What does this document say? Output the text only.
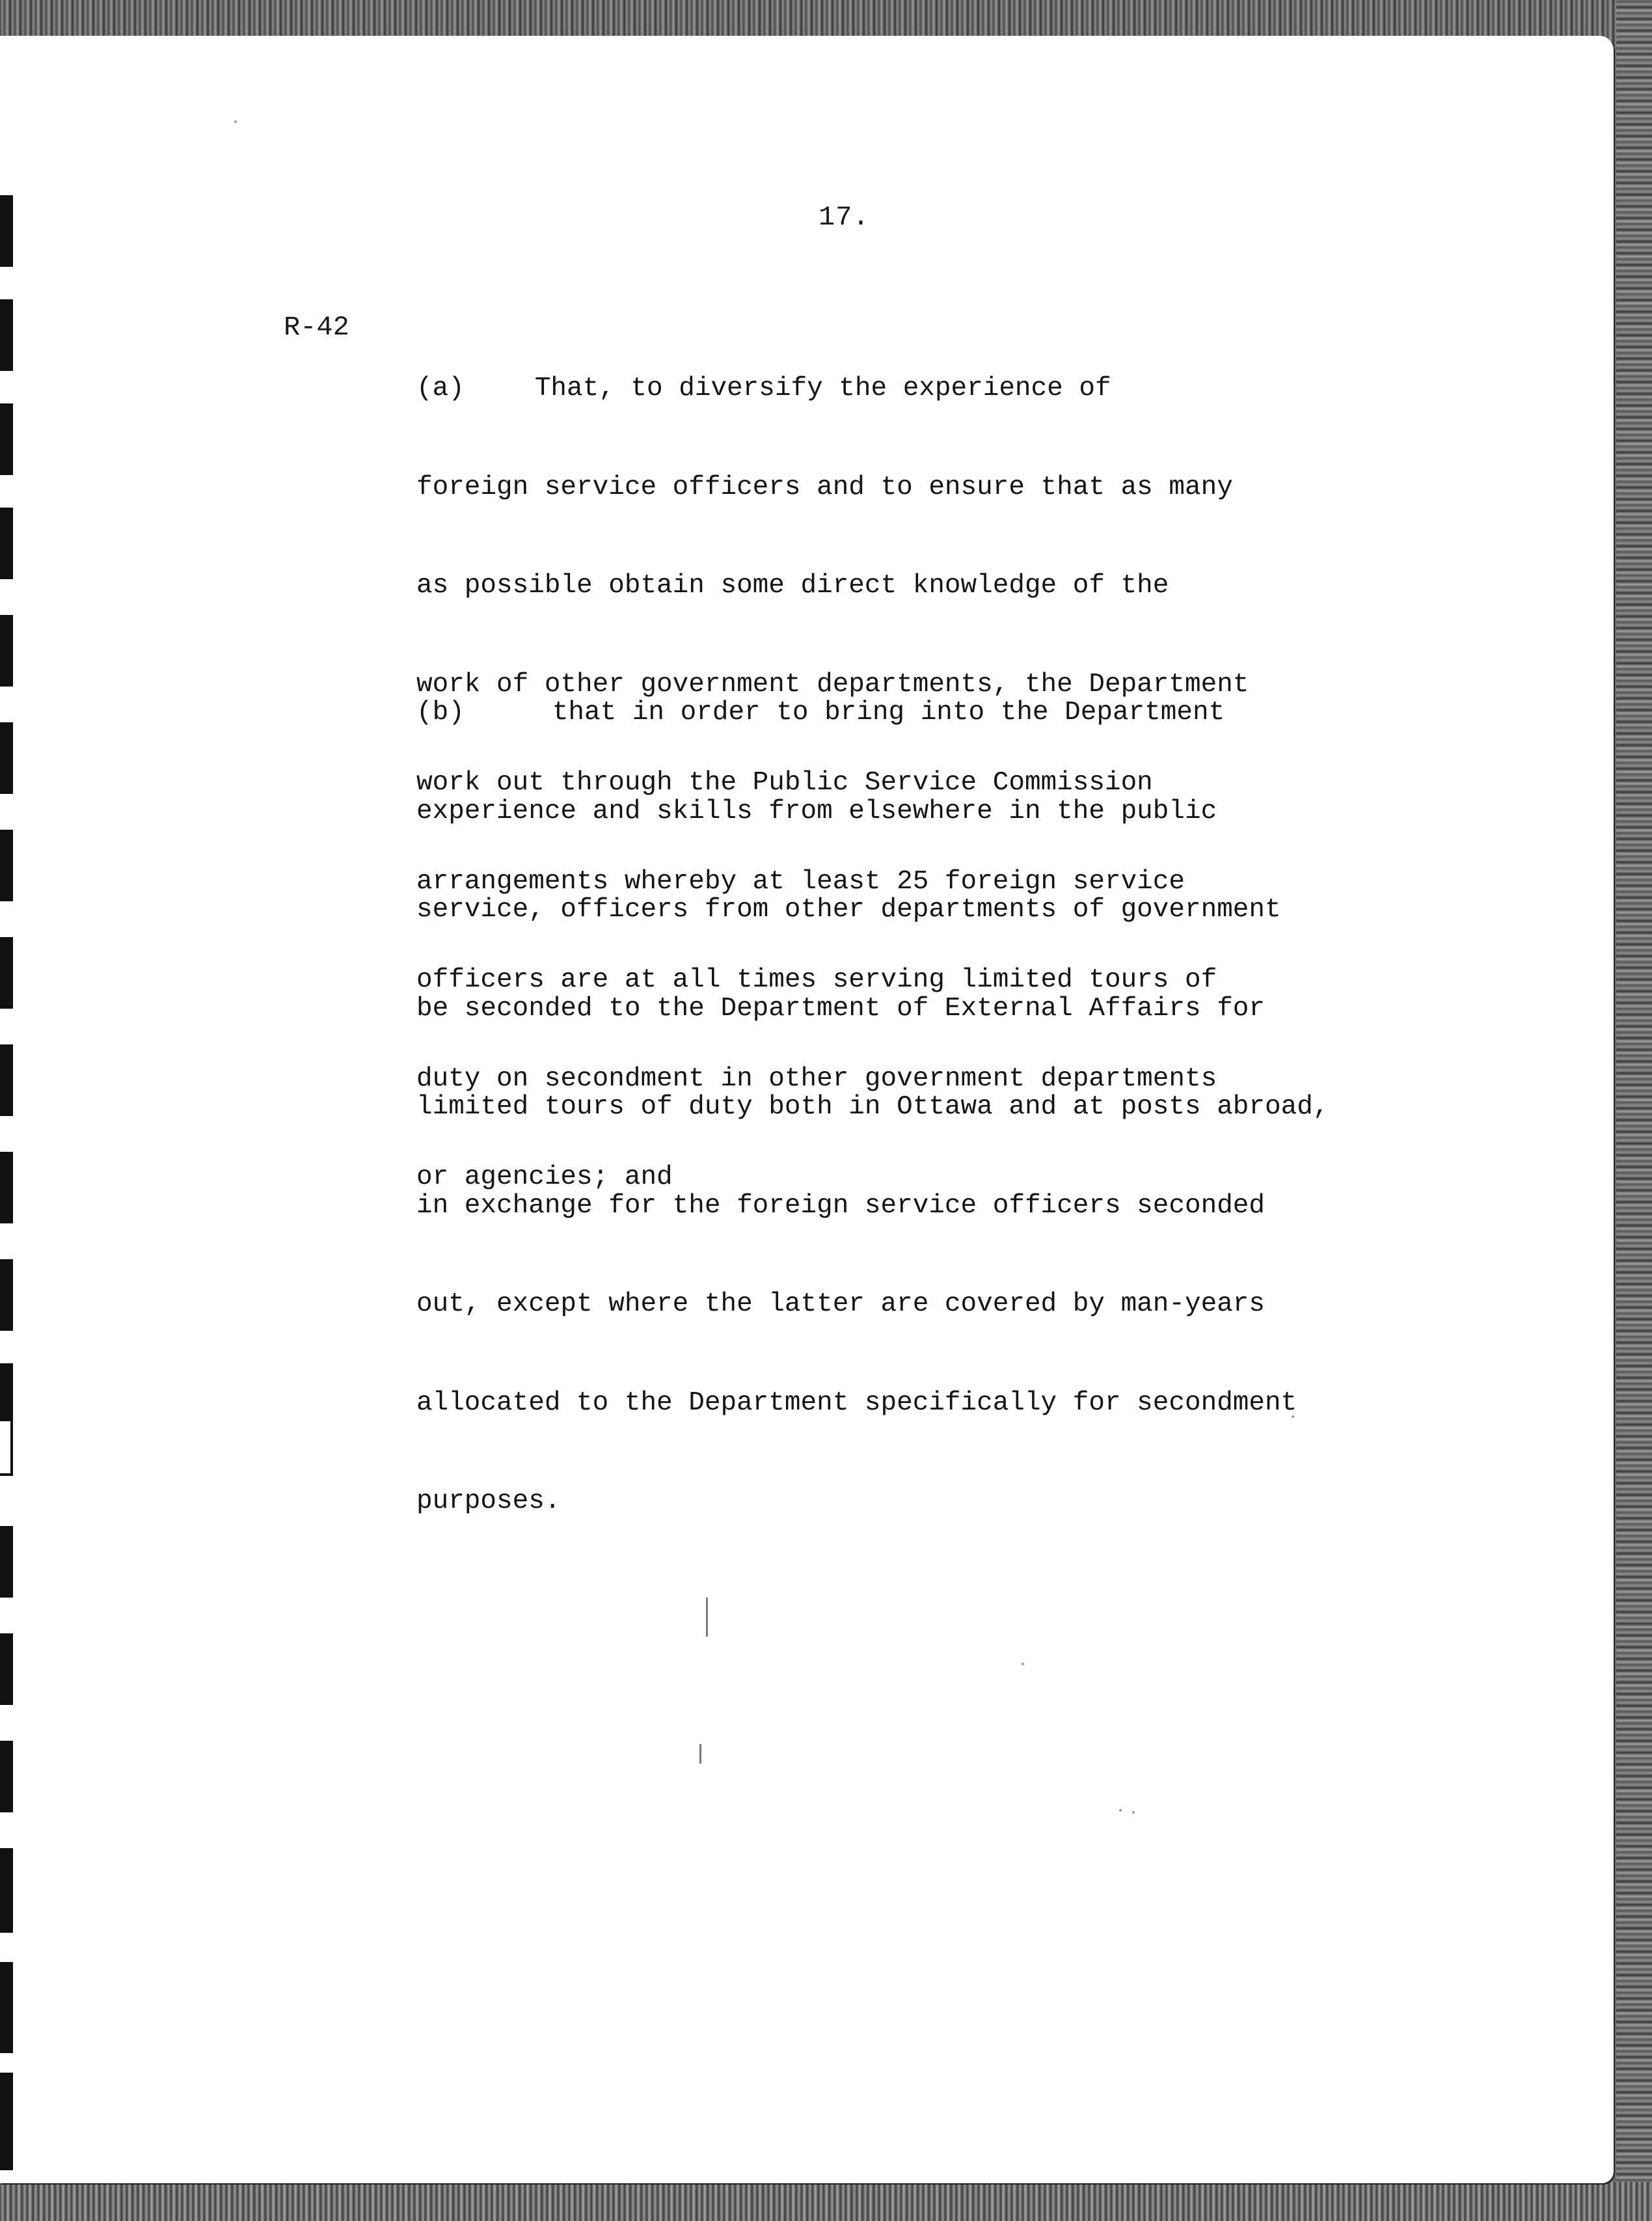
17.
R-42

(a)	That, to diversify the experience of

foreign service officers and to ensure that as many

as possible obtain some direct knowledge of the

work of other government departments, the Department

work out through the Public Service Commission

arrangements whereby at least 25 foreign service

officers are at all times serving limited tours of

duty on secondment in other government departments

or agencies; and

(b)	that in order to bring into the Department

experience and skills from elsewhere in the public

service, officers from other departments of government

be seconded to the Department of External Affairs for

limited tours of duty both in Ottawa and at posts abroad,

in exchange for the foreign service officers seconded

out, except where the latter are covered by man-years

allocated to the Department specifically for secondment

purposes.
